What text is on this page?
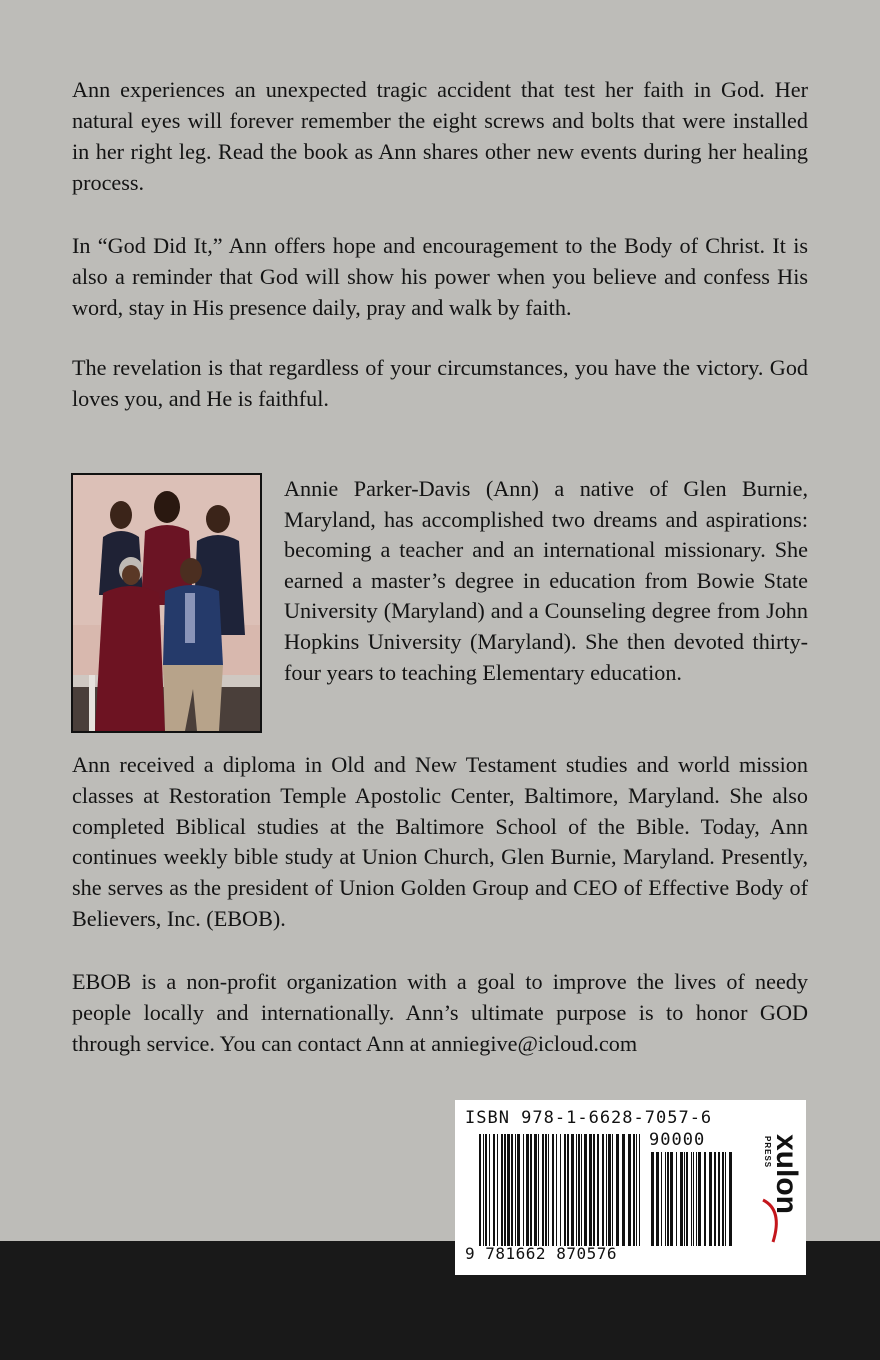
Ann experiences an unexpected tragic accident that test her faith in God. Her natural eyes will forever remember the eight screws and bolts that were installed in her right leg. Read the book as Ann shares other new events during her healing process.

In “God Did It,” Ann offers hope and encouragement to the Body of Christ. It is also a reminder that God will show his power when you believe and confess His word, stay in His presence daily, pray and walk by faith.

The revelation is that regardless of your circumstances, you have the victory. God loves you, and He is faithful.

Annie Parker-Davis (Ann) a native of Glen Burnie, Maryland, has accomplished two dreams and aspirations: becoming a teacher and an international missionary. She earned a master’s degree in education from Bowie State University (Maryland) and a Counseling degree from John Hopkins University (Maryland). She then devoted thirty-four years to teaching Elementary education.

Ann received a diploma in Old and New Testament studies and world mission classes at Restoration Temple Apostolic Center, Baltimore, Maryland. She also completed Biblical studies at the Baltimore School of the Bible. Today, Ann continues weekly bible study at Union Church, Glen Burnie, Maryland. Presently, she serves as the president of Union Golden Group and CEO of Effective Body of Believers, Inc. (EBOB).

EBOB is a non-profit organization with a goal to improve the lives of needy people locally and internationally. Ann’s ultimate purpose is to honor GOD through service. You can contact Ann at anniegive@icloud.com

ISBN 978-1-6628-7057-6
90000
9 781662 870576
xulon
PRESS
